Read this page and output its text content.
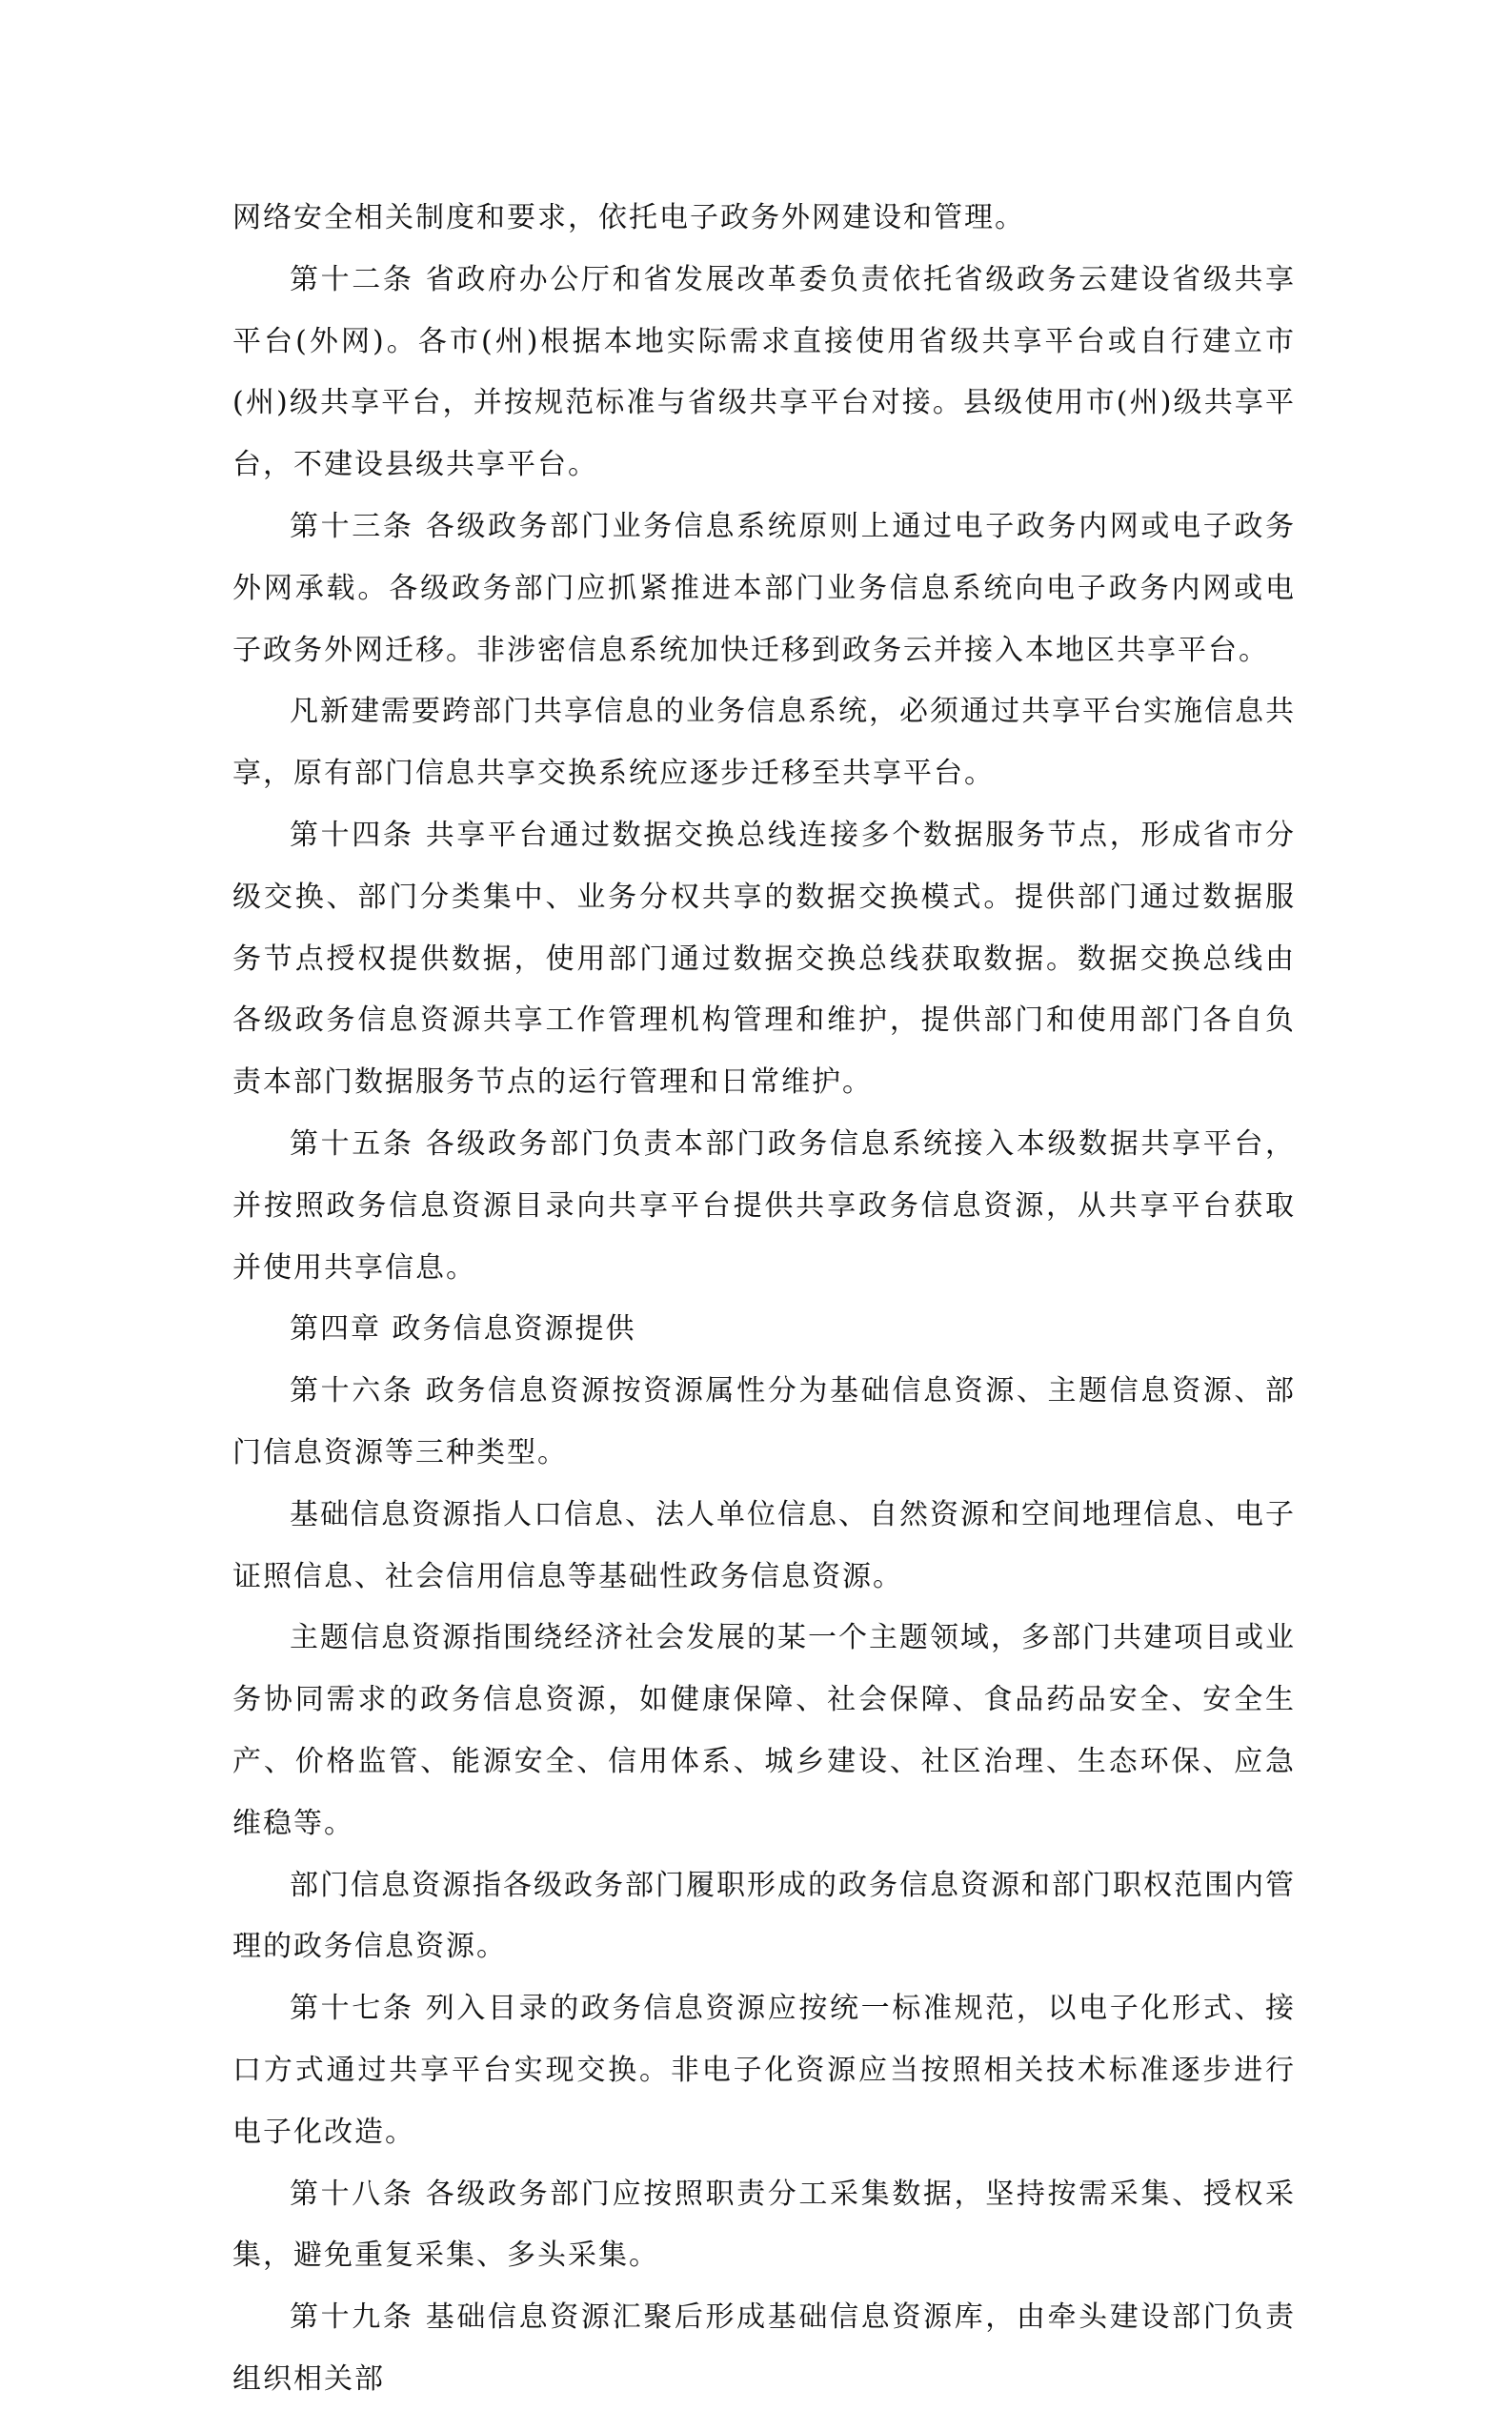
网络安全相关制度和要求，依托电子政务外网建设和管理。

第十二条 省政府办公厅和省发展改革委负责依托省级政务云建设省级共享平台(外网)。各市(州)根据本地实际需求直接使用省级共享平台或自行建立市(州)级共享平台，并按规范标准与省级共享平台对接。县级使用市(州)级共享平台，不建设县级共享平台。

第十三条 各级政务部门业务信息系统原则上通过电子政务内网或电子政务外网承载。各级政务部门应抓紧推进本部门业务信息系统向电子政务内网或电子政务外网迁移。非涉密信息系统加快迁移到政务云并接入本地区共享平台。

凡新建需要跨部门共享信息的业务信息系统，必须通过共享平台实施信息共享，原有部门信息共享交换系统应逐步迁移至共享平台。

第十四条 共享平台通过数据交换总线连接多个数据服务节点，形成省市分级交换、部门分类集中、业务分权共享的数据交换模式。提供部门通过数据服务节点授权提供数据，使用部门通过数据交换总线获取数据。数据交换总线由各级政务信息资源共享工作管理机构管理和维护，提供部门和使用部门各自负责本部门数据服务节点的运行管理和日常维护。

第十五条 各级政务部门负责本部门政务信息系统接入本级数据共享平台，并按照政务信息资源目录向共享平台提供共享政务信息资源，从共享平台获取并使用共享信息。

第四章 政务信息资源提供

第十六条 政务信息资源按资源属性分为基础信息资源、主题信息资源、部门信息资源等三种类型。

基础信息资源指人口信息、法人单位信息、自然资源和空间地理信息、电子证照信息、社会信用信息等基础性政务信息资源。

主题信息资源指围绕经济社会发展的某一个主题领域，多部门共建项目或业务协同需求的政务信息资源，如健康保障、社会保障、食品药品安全、安全生产、价格监管、能源安全、信用体系、城乡建设、社区治理、生态环保、应急维稳等。

部门信息资源指各级政务部门履职形成的政务信息资源和部门职权范围内管理的政务信息资源。

第十七条 列入目录的政务信息资源应按统一标准规范，以电子化形式、接口方式通过共享平台实现交换。非电子化资源应当按照相关技术标准逐步进行电子化改造。

第十八条 各级政务部门应按照职责分工采集数据，坚持按需采集、授权采集，避免重复采集、多头采集。

第十九条 基础信息资源汇聚后形成基础信息资源库，由牵头建设部门负责组织相关部
